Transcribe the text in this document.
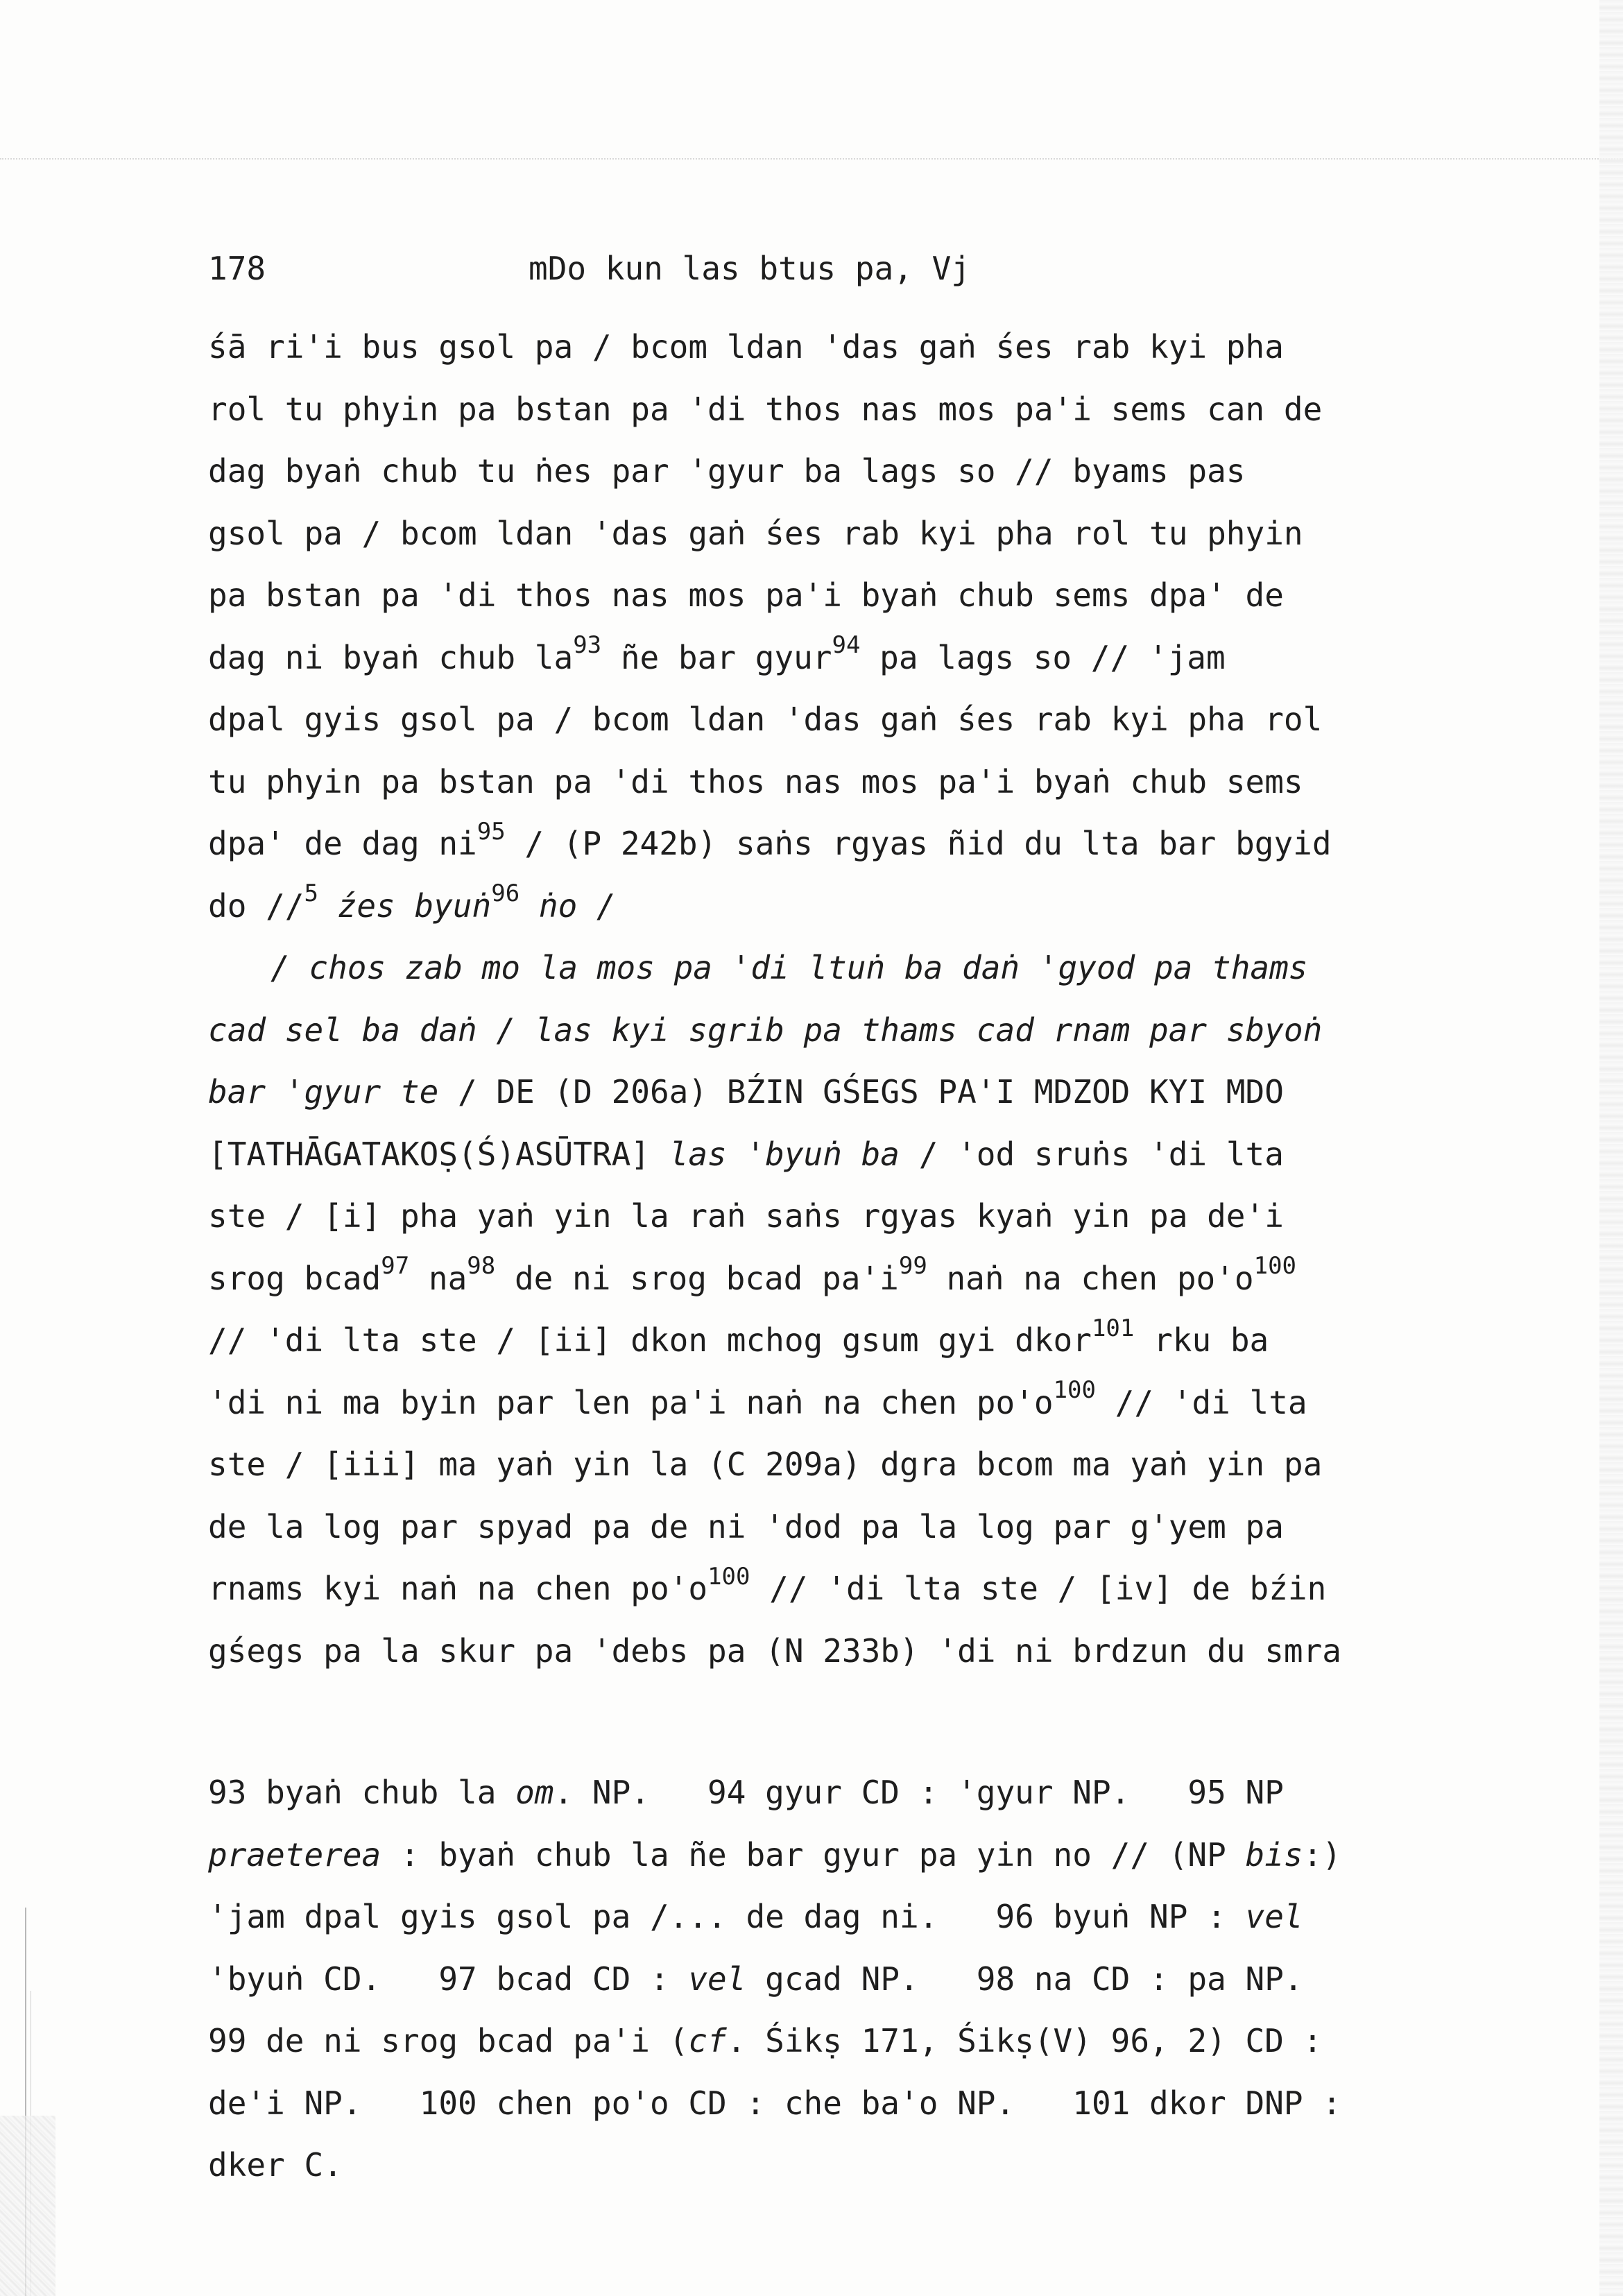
178	mDo kun las btus pa, Vj
śā ri'i bus gsol pa / bcom ldan 'das gaṅ śes rab kyi pha
rol tu phyin pa bstan pa 'di thos nas mos pa'i sems can de
dag byaṅ chub tu ṅes par 'gyur ba lags so // byams pas
gsol pa / bcom ldan 'das gaṅ śes rab kyi pha rol tu phyin
pa bstan pa 'di thos nas mos pa'i byaṅ chub sems dpa' de
dag ni byaṅ chub $la^{93}$ ñe bar gyur$^{94}$ pa lags so // 'jam
dpal gyis gsol pa / bcom ldan 'das gaṅ śes rab kyi pha rol
tu phyin pa bstan pa 'di thos nas mos pa'i byaṅ chub sems
dpa' de dag $ni^{95} / (P$ 242b) saṅs rgyas ñid du lta bar bgyid
do //$^5$ źes byuṅ$^{96}$ ṅo /
/ chos zab mo la mos pa 'di ltuṅ ba daṅ 'gyod pa thams
cad sel ba daṅ / las kyi sgrib pa thams cad rnam par sbyoṅ
bar 'gyur te / DE (D 206a) BŹIN GŚEGS PA'I MDZOD KYI MDO
[TATHĀGATAKOṢ(Ś)ASŪTRA] las 'byuṅ ba / 'od sruṅs 'di lta
ste / [i] pha yaṅ yin la raṅ saṅs rgyas kyaṅ yin pa de'i
srog bcad$^{97}$ $na^{98}$ de ni srog bcad $pa'i^{99}$ naṅ na chen $po'o^{100}$
// 'di lta ste / [ii] dkon mchog gsum gyi dkor$^{101}$ rku ba
'di ni ma byin par len pa'i naṅ na chen $po'o^{100}$ // 'di lta
ste / [iii] ma yaṅ yin la (C 209a) dgra bcom ma yaṅ yin pa
de la log par spyad pa de ni 'dod pa la log par g'yem pa
rnams kyi naṅ na chen $po'o^{100}$ // 'di lta ste / [iv] de bźin
gśegs pa la skur pa 'debs pa (N 233b) 'di ni brdzun du smra
93 byaṅ chub la om. NP.   94 gyur CD : 'gyur NP.   95 NP
praeterea : byaṅ chub la ñe bar gyur pa yin no // (NP bis:)
'jam dpal gyis gsol pa /... de dag ni.   96 byuṅ NP : vel
'byuṅ CD.   97 bcad CD : vel gcad NP.   98 na CD : pa NP.
99 de ni srog bcad pa'i (cf. Śikṣ 171, Śikṣ(V) 96, 2) CD :
de'i NP.   100 chen po'o CD : che ba'o NP.   101 dkor DNP :
dker C.
